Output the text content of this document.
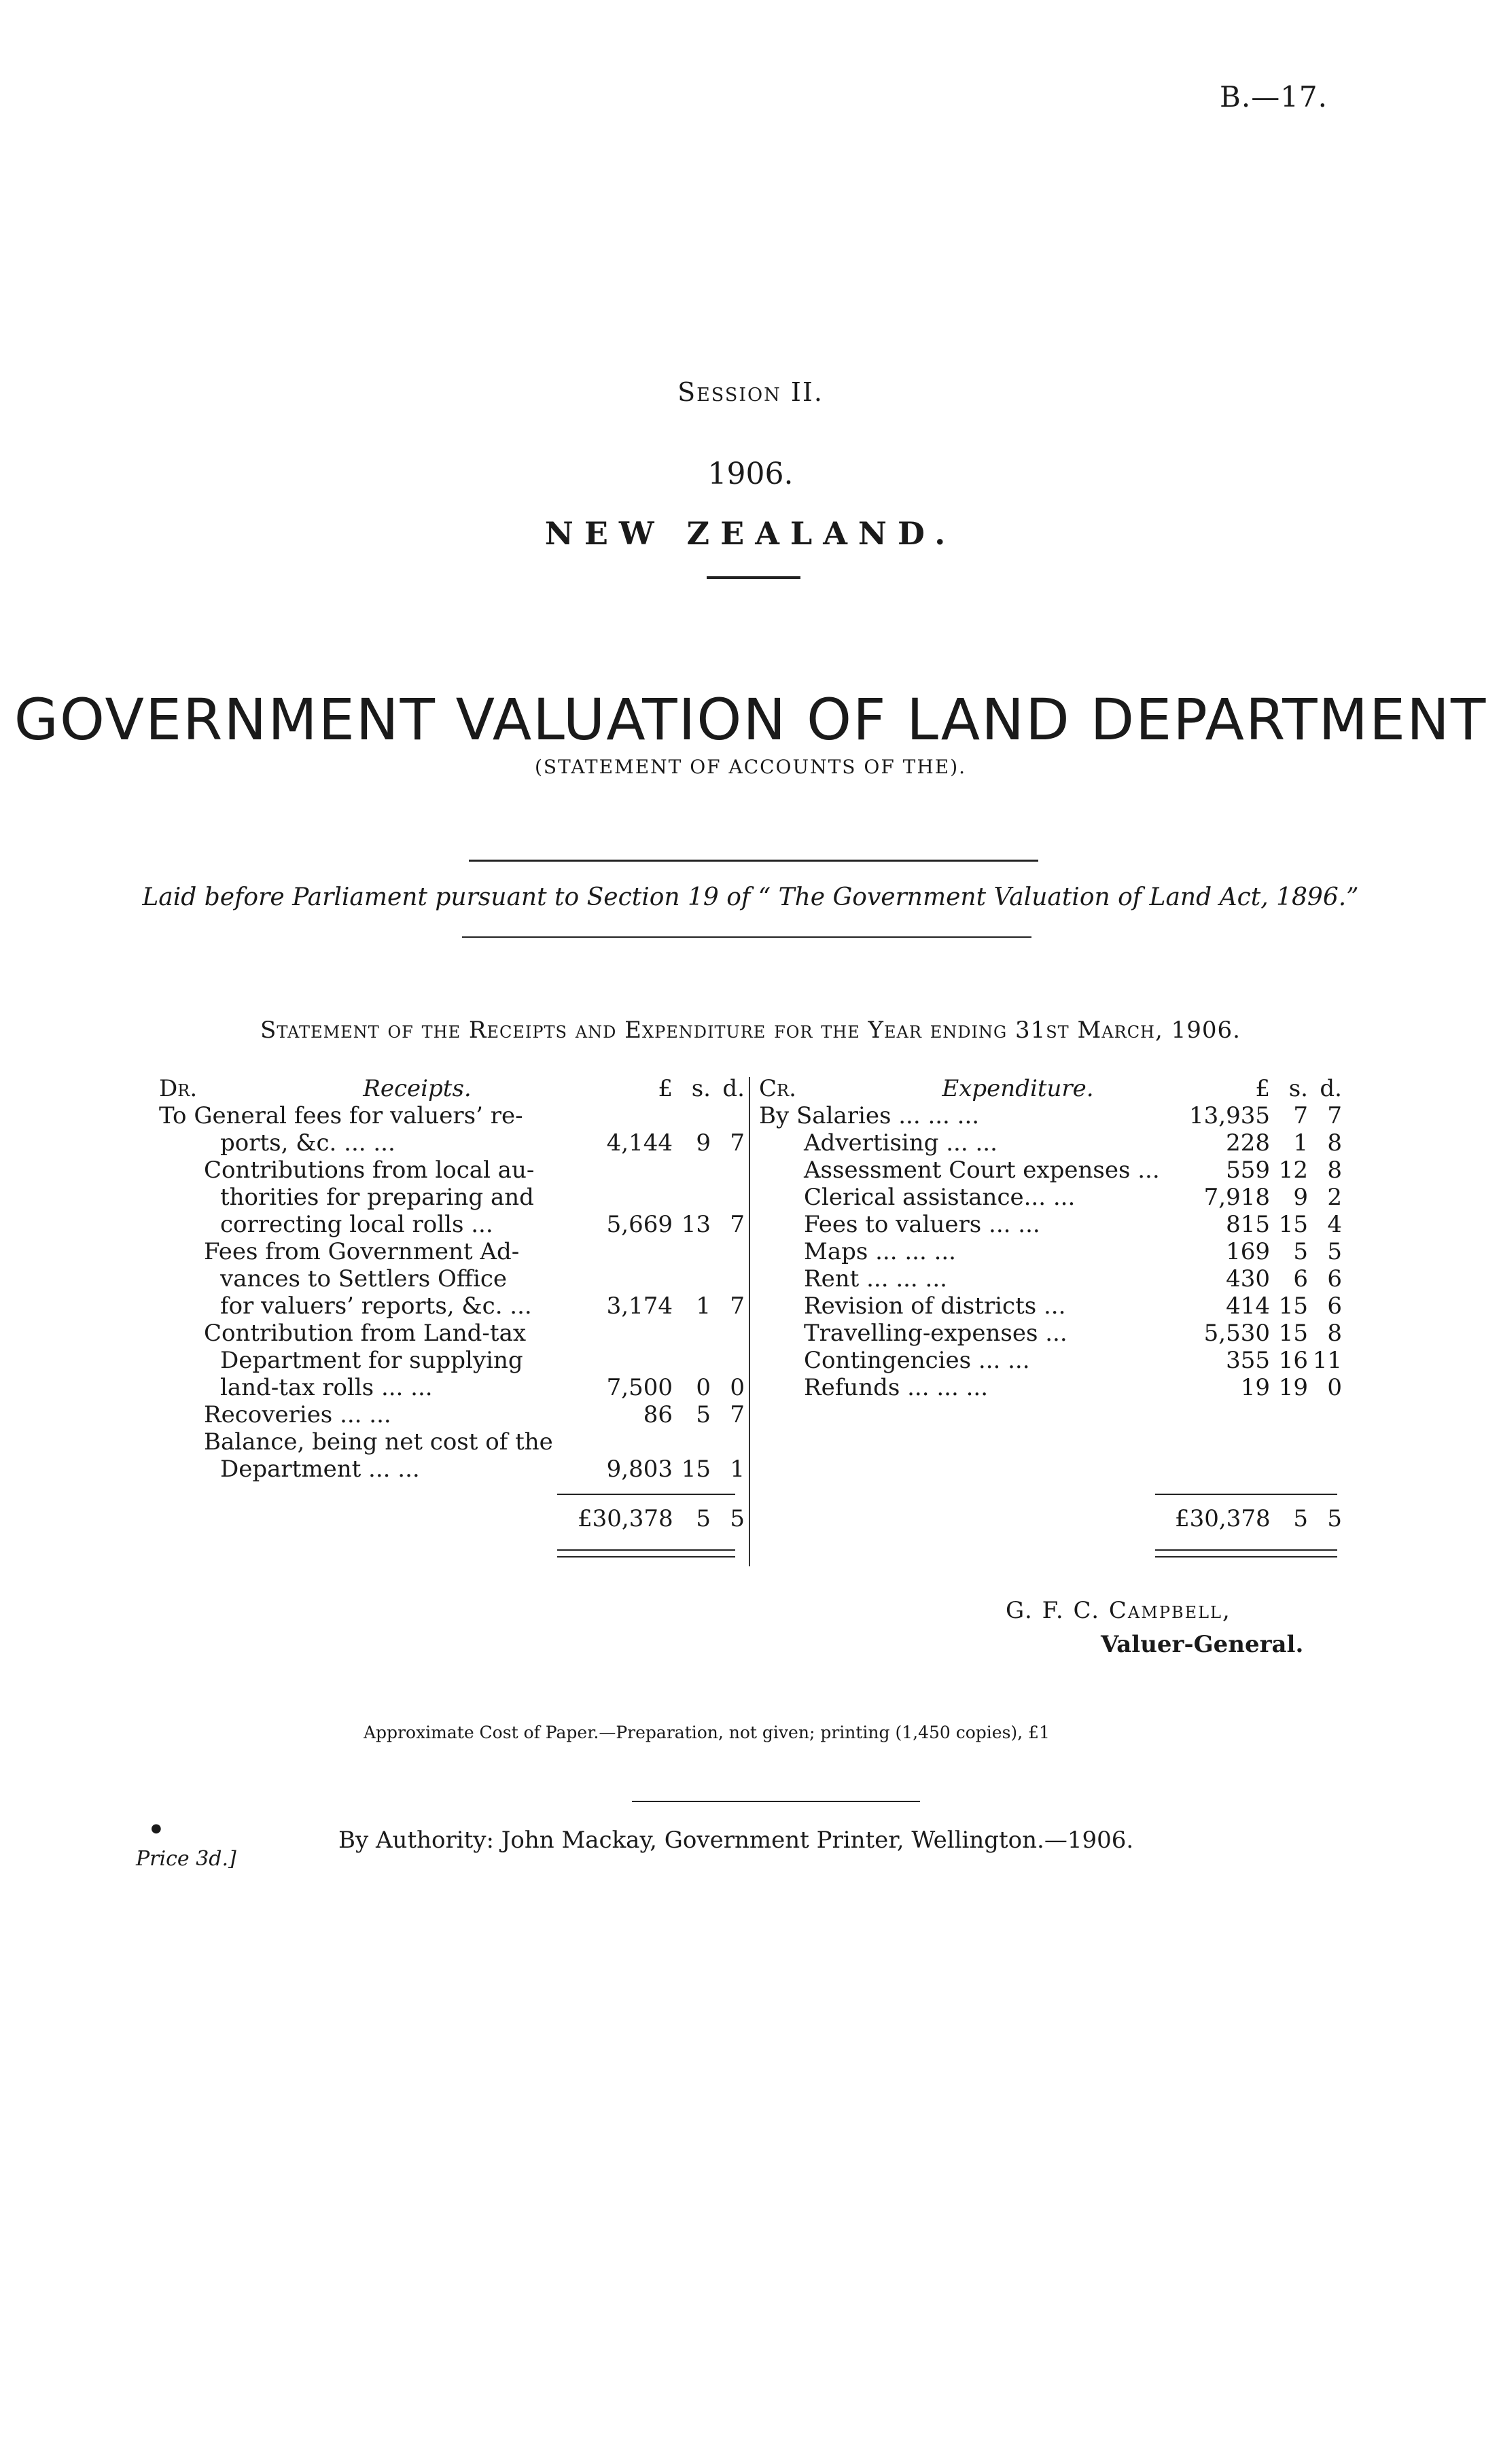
B.—17.
Session II.
1906.
NEW ZEALAND.
GOVERNMENT VALUATION OF LAND DEPARTMENT
(STATEMENT OF ACCOUNTS OF THE).
Laid before Parliament pursuant to Section 19 of “ The Government Valuation of Land Act, 1896.”
Statement of the Receipts and Expenditure for the Year ending 31st March, 1906.
Dr.	Receipts.	£ s. d.
To General fees for valuers’ re-
ports, &c. ... ...	4,144	9 7
Contributions from local au-
thorities for preparing and
correcting local rolls ...	5,669 13 7
Fees from Government Ad-
vances to Settlers Office
for valuers’ reports, &c. ...	3,174	1 7
Contribution from Land-tax
Department for supplying
land-tax rolls ... ...	7,500	0 0
Recoveries ... ...	86	5 7
Balance, being net cost of the
Department ... ...	9,803 15 1
Cr.	Expenditure.	£ s. d.
By Salaries ... ... ...	13,935	7 7
Advertising ... ...	228	1 8
Assessment Court expenses ...	559 12 8
Clerical assistance... ...	7,918	9 2
Fees to valuers ... ...	815 15 4
Maps ... ... ...	169	5 5
Rent ... ... ...	430	6 6
Revision of districts ...	414 15 6
Travelling-expenses ...	5,530 15 8
Contingencies ... ...	355 16 11
Refunds ... ... ...	19 19 0
£30,378 5 5	£30,378 5 5
G. F. C. Campbell,
Valuer-General.
Approximate Cost of Paper.—Preparation, not given; printing (1,450 copies), £1
●	By Authority: John Mackay, Government Printer, Wellington.—1906.
Price 3d.]
